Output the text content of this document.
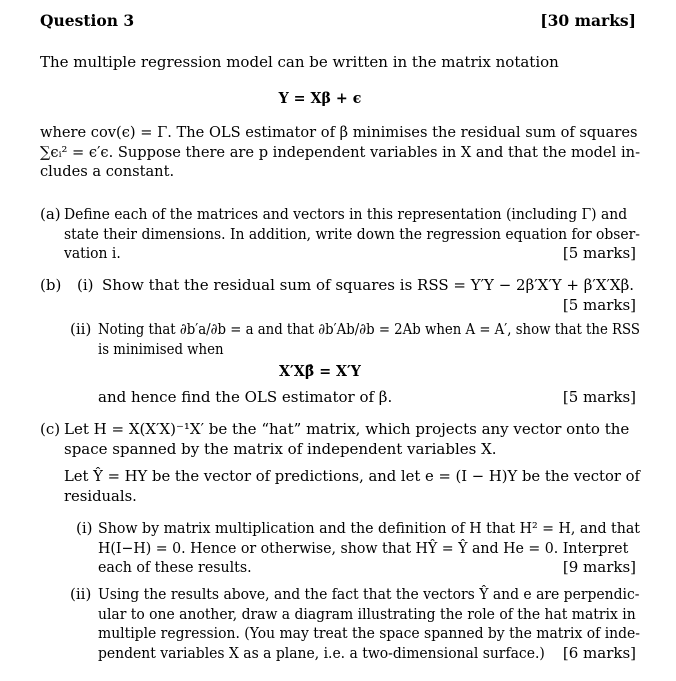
Question 3	[30 marks]
The multiple regression model can be written in the matrix notation
Y = Xβ + ϵ
where cov(ϵ) = Γ. The OLS estimator of β minimises the residual sum of squares
∑ϵᵢ² = ϵ′ϵ. Suppose there are p independent variables in X and that the model in-
cludes a constant.
(a) Define each of the matrices and vectors in this representation (including Γ) and
state their dimensions. In addition, write down the regression equation for obser-
vation i.	[5 marks]
(b) (i) Show that the residual sum of squares is RSS = Y′Y − 2β′X′Y + β′X′Xβ.
[5 marks]
(ii) Noting that ∂b′a/∂b = a and that ∂b′Ab/∂b = 2Ab when A = A′, show that the RSS
is minimised when
X′Xβ̂ = X′Y
and hence find the OLS estimator of β.	[5 marks]
(c) Let H = X(X′X)⁻¹X′ be the “hat” matrix, which projects any vector onto the
space spanned by the matrix of independent variables X.
Let Ŷ = HY be the vector of predictions, and let e = (I − H)Y be the vector of
residuals.
(i) Show by matrix multiplication and the definition of H that H² = H, and that
H(I−H) = 0. Hence or otherwise, show that HŶ = Ŷ and He = 0. Interpret
each of these results.	[9 marks]
(ii) Using the results above, and the fact that the vectors Ŷ and e are perpendic-
ular to one another, draw a diagram illustrating the role of the hat matrix in
multiple regression. (You may treat the space spanned by the matrix of inde-
pendent variables X as a plane, i.e. a two-dimensional surface.)	[6 marks]
